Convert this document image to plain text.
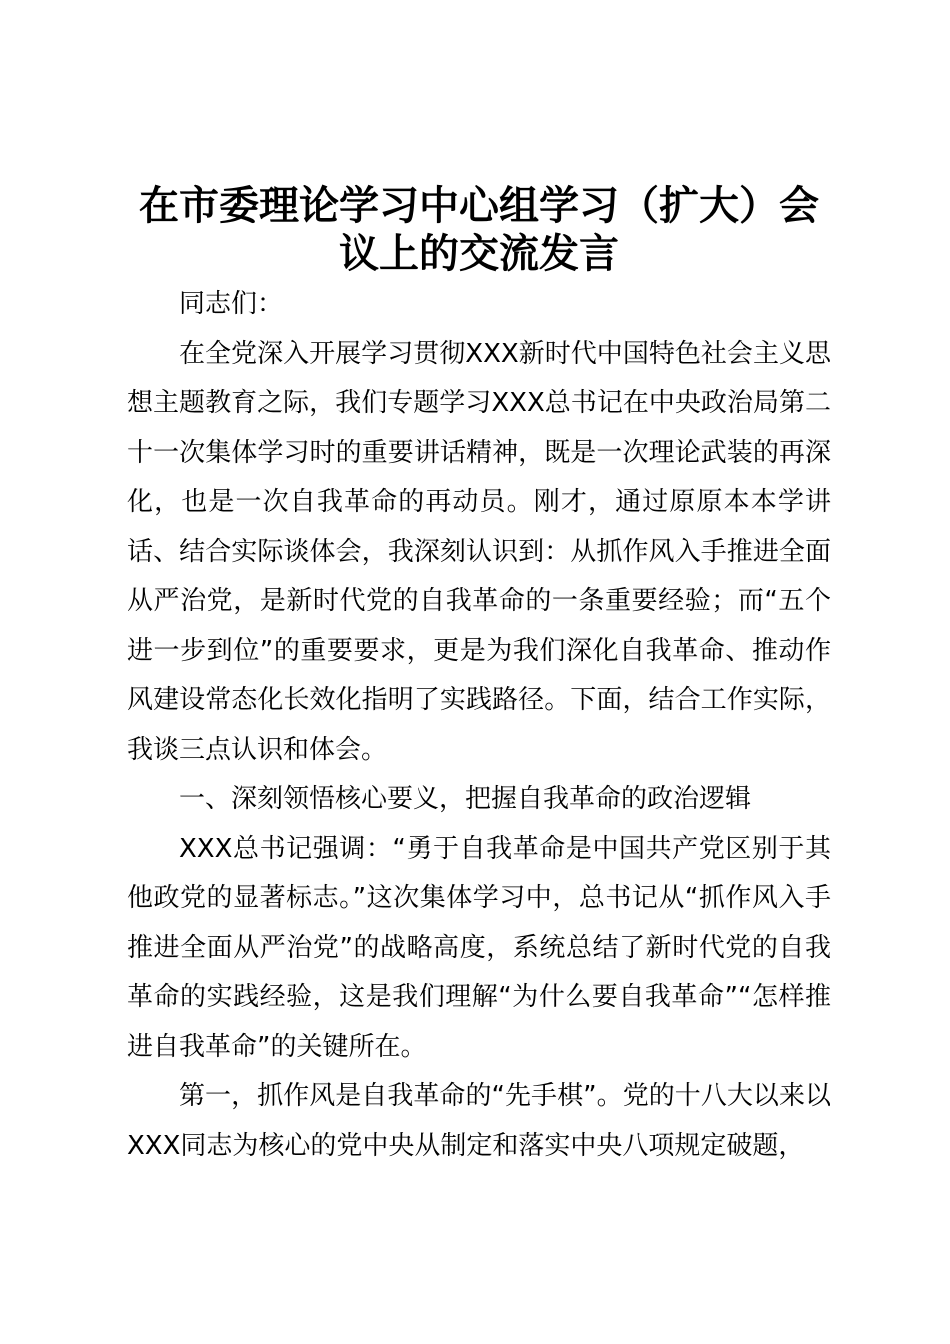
在市委理论学习中心组学习（扩大）会
议上的交流发言

同志们：

在全党深入开展学习贯彻XXX新时代中国特色社会主义思想主题教育之际，我们专题学习XXX总书记在中央政治局第二十一次集体学习时的重要讲话精神，既是一次理论武装的再深化，也是一次自我革命的再动员。刚才，通过原原本本学讲话、结合实际谈体会，我深刻认识到：从抓作风入手推进全面从严治党，是新时代党的自我革命的一条重要经验；而“五个进一步到位”的重要要求，更是为我们深化自我革命、推动作风建设常态化长效化指明了实践路径。下面，结合工作实际，我谈三点认识和体会。

一、深刻领悟核心要义，把握自我革命的政治逻辑

XXX总书记强调：“勇于自我革命是中国共产党区别于其他政党的显著标志。”这次集体学习中，总书记从“抓作风入手推进全面从严治党”的战略高度，系统总结了新时代党的自我革命的实践经验，这是我们理解“为什么要自我革命”“怎样推进自我革命”的关键所在。

第一，抓作风是自我革命的“先手棋”。党的十八大以来以XXX同志为核心的党中央从制定和落实中央八项规定破题，
